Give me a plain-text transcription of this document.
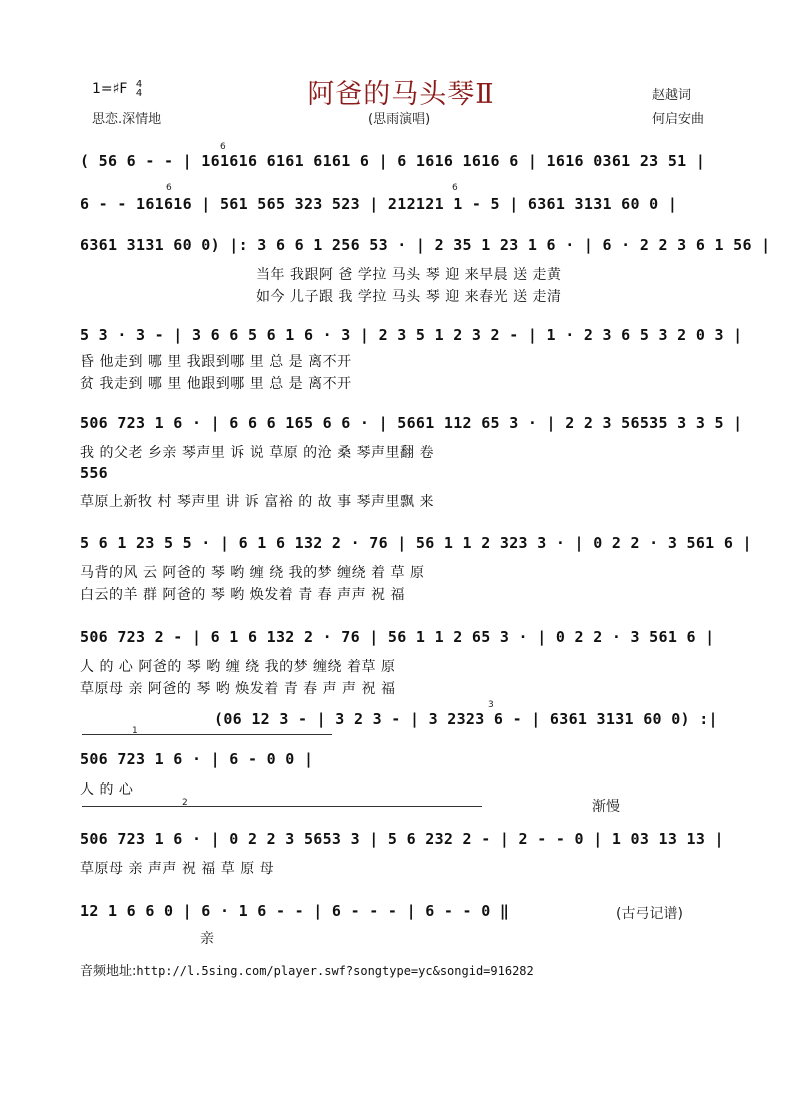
阿爸的马头琴Ⅱ
1=♯F 4
4
思恋.深情地	(思雨演唱)
赵越词
何启安曲
( 56 6 - - | 161616 6161 6161 6 | 6 1616 1616 6 | 1616 0361 23 51 |
6 - - 161616 | 561 565 323 523 | 212121 1 - 5 | 6361 3131 60 0 |
6361 3131 60 0) |: 3 6 6 1 256 53 · | 2 35 1 23 1 6 · | 6 · 2 2 3 6 1 56 |
当年 我跟阿 爸 学拉 马头 琴 迎 来早晨 送 走黄
如今 儿子跟 我 学拉 马头 琴 迎 来春光 送 走清
5 3 · 3 - | 3 6 6 5 6 1 6 · 3 | 2 3 5 1 2 3 2 - | 1 · 2 3 6 5 3 2 0 3 |
昏 他走到 哪 里 我跟到哪 里 总 是 离不开
贫 我走到 哪 里 他跟到哪 里 总 是 离不开
506 723 1 6 · | 6 6 6 165 6 6 · | 5661 112 65 3 · | 2 2 3 56535 3 3 5 |
我 的父老 乡亲 琴声里 诉 说 草原 的沧 桑 琴声里翻 卷
556
草原上新牧 村 琴声里 讲 诉 富裕 的 故 事 琴声里飘 来
5 6 1 23 5 5 · | 6 1 6 132 2 · 76 | 56 1 1 2 323 3 · | 0 2 2 · 3 561 6 |
马背的风 云 阿爸的 琴 哟 缠 绕 我的梦 缠绕 着 草 原
白云的羊 群 阿爸的 琴 哟 焕发着 青 春 声声 祝 福
506 723 2 - | 6 1 6 132 2 · 76 | 56 1 1 2 65 3 · | 0 2 2 · 3 561 6 |
人 的 心 阿爸的 琴 哟 缠 绕 我的梦 缠绕 着草 原
草原母 亲 阿爸的 琴 哟 焕发着 青 春 声 声 祝 福
(06 12 3 - | 3 2 3 - | 3 2323 6 - | 6361 3131 60 0) :|
1
506 723 1 6 · | 6 - 0 0 |
人 的 心
2	渐慢
506 723 1 6 · | 0 2 2 3 5653 3 | 5 6 232 2 - | 2 - - 0 | 1 03 13 13 |
草原母 亲 声声 祝 福 草 原 母
12 1 6 6 0 | 6 · 1 6 - - | 6 - - - | 6 - - 0 ‖
亲
(古弓记谱)
6
6	6
3
音频地址:http://l.5sing.com/player.swf?songtype=yc&songid=916282
